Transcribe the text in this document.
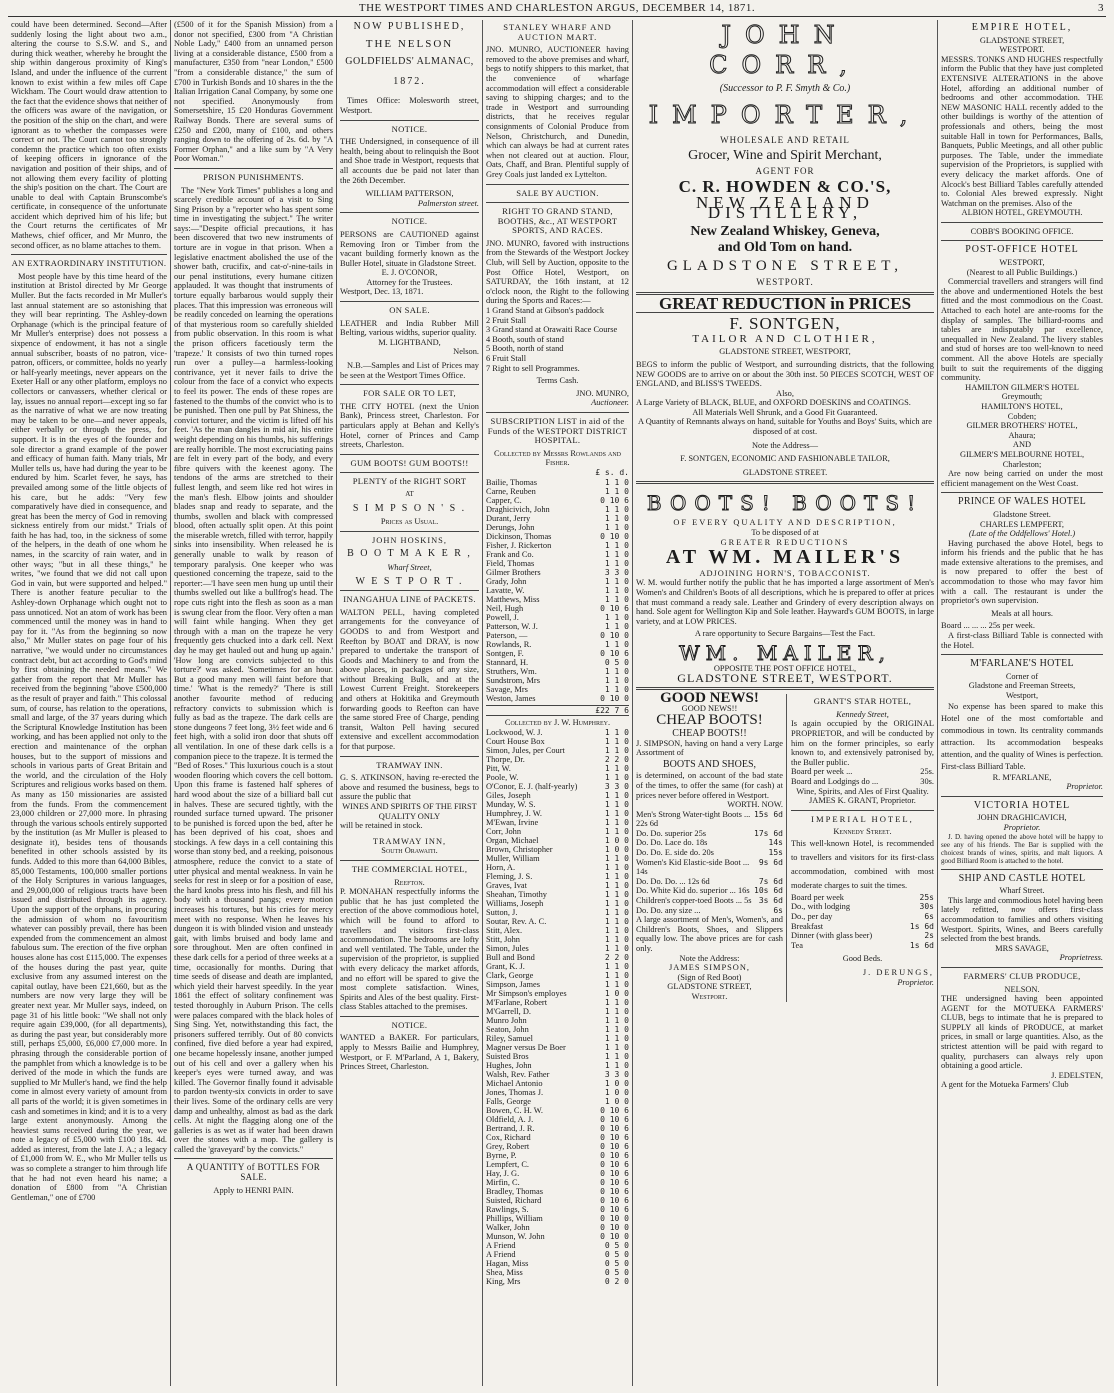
THE WESTPORT TIMES AND CHARLESTON ARGUS, DECEMBER 14, 1871.	3

could have been determined. Second—After suddenly losing the light about two a.m., altering the course to S.S.W. and S., and during thick weather, whereby he brought the ship within dangerous proximity of King's Island, and under the influence of the current known to exist within a few miles off Cape Wickham. The Court would draw attention to the fact that the evidence shows that neither of the officers was aware of the navigation, or the position of the ship on the chart, and were ignorant as to whether the compasses were correct or not. The Court cannot too strongly condemn the practice which too often exists of keeping officers in ignorance of the navigation and position of their ships, and of not allowing them every facility of plotting the ship's position on the chart. The Court are unable to deal with Captain Brunscombe's certificate, in consequence of the unfortunate accident which deprived him of his life; but the Court returns the certificates of Mr Mathews, chief officer, and Mr Munro, the second officer, as no blame attaches to them.

AN EXTRAORDINARY INSTITUTION.

Most people have by this time heard of the institution at Bristol directed by Mr George Muller. But the facts recorded in Mr Muller's last annual statement are so astonishing that they will bear reprinting. The Ashley-down Orphanage (which is the principal feature of Mr Muller's enterprise) does not possess a sixpence of endowment, it has not a single annual subscriber, boasts of no patron, vice-patron, officers, or committee, holds no yearly or half-yearly meetings, never appears on the Exeter Hall or any other platform, employs no collectors or canvassers, whether clerical or lay, issues no annual report—except ing so far as the narrative of what we are now treating may be taken to be one—and never appeals, either verbally or through the press, for support. It is in the eyes of the founder and sole director a grand example of the power and efficacy of human faith. Many trials, Mr Muller tells us, have had during the year to be endured by him. Scarlet fever, he says, has prevailed among some of the little objects of his care, but he adds: "Very few comparatively have died in consequence, and great has been the mercy of God in removing sickness entirely from our midst." Trials of faith he has had, too, in the sickness of some of the helpers, in the death of one whom he names, in the scarcity of rain water, and in other ways; "but in all these things," he writes, "we found that we did not call upon God in vain, but were supported and helped." There is another feature peculiar to the Ashley-down Orphanage which ought not to pass unnoticed. Not an atom of work has been commenced until the money was in hand to pay for it. "As from the beginning so now also," Mr Muller states on page four of his narrative, "we would under no circumstances contract debt, but act according to God's mind by first obtaining the needed means." We gather from the report that Mr Muller has received from the beginning "above £500,000 as the result of prayer and faith." This colossal sum, of course, has relation to the operations, small and large, of the 37 years during which the Scriptural Knowledge Institution has been working, and has been applied not only to the erection and maintenance of the orphan houses, but to the support of missions and schools in various parts of Great Britain and the world, and the circulation of the Holy Scriptures and religious works based on them. As many as 150 missionaries are assisted from the funds. From the commencement 23,000 children or 27,000 more. In phrasing through the various schools entirely supported by the institution (as Mr Muller is pleased to designate it), besides tens of thousands benefited in other schools assisted by its funds. Added to this more than 64,000 Bibles, 85,000 Testaments, 100,000 smaller portions of the Holy Scriptures in various languages, and 29,000,000 of religious tracts have been issued and distributed through its agency. Upon the support of the orphans, in procuring the admission of whom no favouritism whatever can possibly prevail, there has been expended from the commencement an almost fabulous sum. The erection of the five orphan houses alone has cost £115,000. The expenses of the houses during the past year, quite exclusive from any assumed interest on the capital outlay, have been £21,660, but as the numbers are now very large they will be greater next year. Mr Muller says, indeed, on page 31 of his little book: "We shall not only require again £39,000, (for all departments), as during the past year, but considerably more still, perhaps £5,000, £6,000 £7,000 more. In phrasing through the considerable portion of the pamphlet from which a knowledge is to be derived of the mode in which the funds are supplied to Mr Muller's hand, we find the help come in almost every variety of amount from all parts of the world; it is given sometimes in cash and sometimes in kind; and it is to a very large extent anonymously. Among the heaviest sums received during the year, we note a legacy of £5,000 with £100 18s. 4d. added as interest, from the late J. A.; a legacy of £1,000 from W. E., who Mr Muller tells us was so complete a stranger to him through life that he had not even heard his name; a donation of £800 from "A Christian Gentleman," one of £700

(£500 of it for the Spanish Mission) from a donor not specified, £300 from "A Christian Noble Lady," £400 from an unnamed person living at a considerable distance, £500 from a manufacturer, £350 from "near London," £500 "from a considerable distance," the sum of £700 in Turkish Bonds and 10 shares in the the Italian Irrigation Canal Company, by some one not specified. Anonymously from Somersetshire, 15 £20 Honduras Government Railway Bonds. There are several sums of £250 and £200, many of £100, and others ranging down to the offering of 2s. 6d. by "A Former Orphan," and a like sum by "A Very Poor Woman."

PRISON PUNISHMENTS.

The "New York Times" publishes a long and scarcely credible account of a visit to Sing Sing Prison by a "reporter who has spent some time in investigating the subject." The writer says:—"Despite official precautions, it has been discovered that two new instruments of torture are in vogue in that prison. When a legislative enactment abolished the use of the shower bath, crucifix, and cat-o'-nine-tails in our penal institutions, every humane citizen applauded. It was thought that instruments of torture equally barbarous would supply their places. That this impression was erroneous will be readily conceded on learning the operations of that mysterious room so carefully shielded from public observation. In this room is what the prison officers facetiously term the 'trapeze.' It consists of two thin turned ropes run over a pulley—a harmless-looking contrivance, yet it never fails to drive the colour from the face of a convict who expects to feel its power. The ends of these ropes are fastened to the thumbs of the convict who is to be punished. Then one pull by Pat Shiness, the convict torturer, and the victim is lifted off his feet. 'As the man dangles in mid air, his entire weight depending on his thumbs, his sufferings are really horrible. The most excruciating pains are felt in every part of the body, and every fibre quivers with the keenest agony. The tendons of the arms are stretched to their fullest length, and seem like red hot wires in the man's flesh. Elbow joints and shoulder blades snap and ready to separate, and the thumbs, swollen and black with compressed blood, often actually split open. At this point the miserable wretch, filled with terror, happily sinks into insensibility. When released he is generally unable to walk by reason of temporary paralysis. One keeper who was questioned concerning the trapeze, said to the reporter:—'I have seen men hung up until their thumbs swelled out like a bullfrog's head. The rope cuts right into the flesh as soon as a man is swung clear from the floor. Very often a man will faint while hanging. When they get through with a man on the trapeze he very frequently gets chucked into a dark cell. Next day he may get hauled out and hung up again.' 'How long are convicts subjected to this torture?' was asked. 'Sometimes for an hour. But a good many men will faint before that time.' 'What is the remedy?' 'There is still another favourite method of reducing refractory convicts to submission which is fully as bad as the trapeze. The dark cells are stone dungeons 7 feet long, 3½ feet wide and 6 feet high, with a solid iron door that shuts off all ventilation. In one of these dark cells is a companion piece to the trapeze. It is termed the "Bed of Roses." This luxurious couch is a stout wooden flooring which covers the cell bottom. Upon this frame is fastened half spheres of hard wood about the size of a billiard ball cut in halves. These are secured tightly, with the rounded surface turned upward. The prisoner to be punished is forced upon the bed, after he has been deprived of his coat, shoes and stockings. A few days in a cell containing this worse than stony bed, and a reeking, poisonous atmosphere, reduce the convict to a state of utter physical and mental weakness. In vain he seeks for rest in sleep or for a position of ease, the hard knobs press into his flesh, and fill his body with a thousand pangs; every motion increases his tortures, but his cries for mercy meet with no response. When he leaves his dungeon it is with blinded vision and unsteady gait, with limbs bruised and body lame and sore throughout. Men are often confined in these dark cells for a period of three weeks at a time, occasionally for months. During that time seeds of disease and death are implanted, which yield their harvest speedily. In the year 1861 the effect of solitary confinement was tested thoroughly in Auburn Prison. The cells were palaces compared with the black holes of Sing Sing. Yet, notwithstanding this fact, the prisoners suffered terribly. Out of 80 convicts confined, five died before a year had expired, one became hopelessly insane, another jumped out of his cell and over a gallery when his keeper's eyes were turned away, and was killed. The Governor finally found it advisable to pardon twenty-six convicts in order to save their lives. Some of the ordinary cells are very damp and unhealthy, almost as bad as the dark cells. At night the flagging along one of the galleries is as wet as if water had been drawn over the stones with a mop. The gallery is called the 'graveyard' by the convicts."

A QUANTITY of BOTTLES FOR SALE.
Apply to HENRI PAIN.
NOW PUBLISHED,
THE NELSON
GOLDFIELDS' ALMANAC,
1872.

Times Office: Molesworth street, Westport.

NOTICE.

THE Undersigned, in consequence of ill health, being about to relinquish the Boot and Shoe trade in Westport, requests that all accounts due be paid not later than the 26th December.

WILLIAM PATTERSON,
Palmerston street.
NOTICE.

PERSONS are CAUTIONED against Removing Iron or Timber from the vacant building formerly known as the Buller Hotel, situate in Gladstone Street.

E. J. O'CONOR,
Attorney for the Trustees.
Westport, Dec. 13, 1871.
ON SALE.

LEATHER and India Rubber Mill Belting, various widths, superior quality.

M. LIGHTBAND,
Nelson.

N.B.—Samples and List of Prices may be seen at the Westport Times Office.

FOR SALE OR TO LET,

THE CITY HOTEL (next the Union Bank), Princess street, Charleston. For particulars apply at Behan and Kelly's Hotel, corner of Princes and Camp streets, Charleston.

GUM BOOTS! GUM BOOTS!!
PLENTY of the RIGHT SORT
AT
S I M P S O N ' S .
Prices as Usual.
JOHN HOSKINS,
B O O T M A K E R ,
Wharf Street,
W E S T P O R T .
INANGAHUA LINE of PACKETS.

WALTON PELL, having completed arrangements for the conveyance of GOODS to and from Westport and Reefton by BOAT and DRAY, is now prepared to undertake the transport of Goods and Machinery to and from the above places, in packages of any size, without Breaking Bulk, and at the Lowest Current Freight. Storekeepers and others at Hokitika and Greymouth forwarding goods to Reefton can have the same stored Free of Charge, pending transit, Walton Pell having secured extensive and excellent accommodation for that purpose.

TRAMWAY INN.

G. S. ATKINSON, having re-erected the above and resumed the business, begs to assure the public that

WINES AND SPIRITS OF THE FIRST QUALITY ONLY
will be retained in stock.
TRAMWAY INN,
South Orawaiti.
THE COMMERCIAL HOTEL,
Reefton.

P. MONAHAN respectfully informs the public that he has just completed the erection of the above commodious hotel, which will be found to afford to travellers and visitors first-class accommodation. The bedrooms are lofty and well ventilated. The Table, under the supervision of the proprietor, is supplied with every delicacy the market affords, and no effort will be spared to give the most complete satisfaction. Wines, Spirits and Ales of the best quality. First-class Stables attached to the premises.

NOTICE.

WANTED a BAKER. For particulars, apply to Messrs Bailie and Humphrey, Westport, or F. M'Parland, A 1, Bakery, Princes Street, Charleston.

STANLEY WHARF AND AUCTION MART.

JNO. MUNRO, AUCTIONEER having removed to the above premises and wharf, begs to notify shippers to this market, that the convenience of wharfage accommodation will effect a considerable saving to shipping charges; and to the trade in Westport and surrounding districts, that he receives regular consignments of Colonial Produce from Nelson, Christchurch, and Dunedin, which can always be had at current rates when not cleared out at auction. Flour, Oats, Chaff, and Bran. Plentiful supply of Grey Coals just landed ex Lyttelton.

SALE BY AUCTION.
RIGHT TO GRAND STAND, BOOTHS, &c., AT WESTPORT SPORTS, AND RACES.

JNO. MUNRO, favored with instructions from the Stewards of the Westport Jockey Club, will Sell by Auction, opposite to the Post Office Hotel, Westport, on SATURDAY, the 16th instant, at 12 o'clock noon, the Right to the following during the Sports and Races:—

1 Grand Stand at Gibson's paddock
2 Fruit Stall
3 Grand stand at Orawaiti Race Course
4 Booth, south of stand
5 Booth, north of stand
6 Fruit Stall
7 Right to sell Programmes.
Terms Cash.
JNO. MUNRO,
Auctioneer.
SUBSCRIPTION LIST in aid of the Funds of the WESTPORT DISTRICT HOSPITAL.
Collected by Messrs Rowlands and Fisher.
£ s. d.
Bailie, Thomas	1 1 0
Carne, Reuben	1 1 0
Capper, C.	0 10 6
Draghicivich, John	1 1 0
Durant, Jerry	1 1 0
Derungs, John	1 1 0
Dickinson, Thomas	0 10 0
Fisher, J. Rickerton	1 1 0
Frank and Co.	1 1 0
Field, Thomas	1 1 0
Gilmer Brothers	3 3 0
Grady, John	1 1 0
Lavatte, W.	1 1 0
Matthews, Miss	1 1 0
Neil, Hugh	0 10 6
Powell, J.	1 1 0
Patterson, W. J.	1 1 0
Paterson, —	0 10 0
Rowlands, R.	1 1 0
Sontgen, F.	0 10 6
Stannard, H.	0 5 0
Struthers, Wm.	1 1 0
Sundstrom, Mrs	1 1 0
Savage, Mrs	1 1 0
Weston, James	0 10 0
£22 7 6
Collected by J. W. Humphrey.
Lockwood, W. J.	1 1 0
Court House Box	1 1 0
Simon, Jules, per Court	1 1 0
Thorpe, Dr.	2 2 0
Pitt, W.	1 1 0
Poole, W.	1 1 0
O'Conor, E. J. (half-yearly)	3 3 0
Giles, Joseph	1 1 0
Munday, W. S.	1 1 0
Humphrey, J. W.	1 1 0
M'Ewan, Irvine	1 1 0
Corr, John	1 1 0
Organ, Michael	1 0 0
Brown, Christopher	1 0 0
Muller, William	1 1 0
Horn, A.	1 1 0
Fleming, J. S.	1 1 0
Graves, Ivat	1 1 0
Sheahan, Timothy	1 1 0
Williams, Joseph	1 1 0
Sutton, J.	1 1 0
Soutar, Rev. A. C.	1 1 0
Stitt, Alex.	1 1 0
Stitt, John	1 1 0
Simon, Jules	1 1 0
Bull and Bond	2 2 0
Grant, K. J.	1 1 0
Clark, George	1 1 0
Simpson, James	1 1 0
Mr Simpson's employes	1 0 0
M'Farlane, Robert	1 1 0
M'Garrell, D.	1 1 0
Munro John	1 1 0
Seaton, John	1 1 0
Riley, Samuel	1 1 0
Magner versus De Boer	1 1 0
Suisted Bros	1 1 0
Hughes, John	1 1 0
Walsh, Rev. Father	3 3 0
Michael Antonio	1 0 0
Jones, Thomas J.	1 0 0
Falls, George	1 0 0
Bowen, C. H. W.	0 10 6
Oldfield, A. J.	0 10 6
Bertrand, J. R.	0 10 6
Cox, Richard	0 10 6
Grey, Robert	0 10 6
Byrne, P.	0 10 6
Lempfert, C.	0 10 6
Hay, J. G.	0 10 6
Mirfin, C.	0 10 6
Bradley, Thomas	0 10 6
Suisted, Richard	0 10 6
Rawlings, S.	0 10 6
Phillips, William	0 10 0
Walker, John	0 10 0
Munson, W. John	0 10 0
A Friend	0 5 0
A Friend	0 5 0
Hagan, Miss	0 5 0
Shea, Miss	0 5 0
King, Mrs	0 2 0
JOHN CORR,
(Successor to P. F. Smyth & Co.)
IMPORTER,
WHOLESALE AND RETAIL
Grocer, Wine and Spirit Merchant,
AGENT FOR
C. R. HOWDEN & CO.'S,
NEW ZEALAND DISTILLERY,
New Zealand Whiskey, Geneva,
and Old Tom on hand.
GLADSTONE STREET,
WESTPORT.
GREAT REDUCTION in PRICES
F. SONTGEN,
TAILOR AND CLOTHIER,
GLADSTONE STREET, WESTPORT,

BEGS to inform the public of Westport, and surrounding districts, that the following NEW GOODS are to arrive on or about the 30th inst. 50 PIECES SCOTCH, WEST OF ENGLAND, and BLISS'S TWEEDS.

Also,

A Large Variety of BLACK, BLUE, and OXFORD DOESKINS and COATINGS.

All Materials Well Shrunk, and a Good Fit Guaranteed.
A Quantity of Remnants always on hand, suitable for Youths and Boys' Suits, which are disposed of at cost.
Note the Address—
F. SONTGEN, ECONOMIC AND FASHIONABLE TAILOR,
GLADSTONE STREET.
BOOTS! BOOTS!
OF EVERY QUALITY AND DESCRIPTION,
To be disposed of at
GREATER REDUCTIONS
AT WM. MAILER'S
ADJOINING HORN'S, TOBACCONIST.

W. M. would further notify the public that he has imported a large assortment of Men's Women's and Children's Boots of all descriptions, which he is prepared to offer at prices that must command a ready sale. Leather and Grindery of every description always on hand. Sole agent for Wellington Kip and Sole leather. Hayward's GUM BOOTS, in large variety, and at LOW PRICES.

A rare opportunity to Secure Bargains—Test the Fact.
WM. MAILER,
OPPOSITE THE POST OFFICE HOTEL,
GLADSTONE STREET, WESTPORT.
GOOD NEWS!
GOOD NEWS!!
CHEAP BOOTS!
CHEAP BOOTS!!

J. SIMPSON, having on hand a very Large Assortment of

BOOTS AND SHOES,

is determined, on account of the bad state of the times, to offer the same (for cash) at prices never before offered in Westport.

WORTH. NOW.
Men's Strong Water-tight Boots ... 22s 6d
15s 6d
Do. Do. superior 25s	17s 6d
Do. Do. Lace do. 18s	14s
Do. Do. E. side do. 20s	15s
Women's Kid Elastic-side Boot ... 14s
9s 6d
Do. Do. Do. ... 12s 6d	7s 6d
Do. White Kid do. superior ... 16s 10s 6d
Children's copper-toed Boots ... 5s 3s 6d
Do. Do. any size ...	6s

A large assortment of Men's, Women's, and Children's Boots, Shoes, and Slippers equally low. The above prices are for cash only.

Note the Address:
JAMES SIMPSON,
(Sign of Red Boot)
GLADSTONE STREET,
Westport.
GRANT'S STAR HOTEL,
Kennedy Street,

Is again occupied by the ORIGINAL PROPRIETOR, and will be conducted by him on the former principles, so early known to, and extensively patronised by, the Buller public.

Board per week ...	25s.
Board and Lodgings do ...	30s.
Wine, Spirits, and Ales of First Quality.
JAMES K. GRANT, Proprietor.
IMPERIAL HOTEL,
Kennedy Street.

This well-known Hotel, is recommended to travellers and visitors for its first-class accommodation, combined with most moderate charges to suit the times.

Board per week	25s
Do., with lodging	30s
Do., per day	6s
Breakfast	1s 6d
Dinner (with glass beer)	2s
Tea	1s 6d
Good Beds.
J. DERUNGS,
Proprietor.
EMPIRE HOTEL,
GLADSTONE STREET,
WESTPORT.

MESSRS. TONKS AND HUGHES respectfully inform the Public that they have just completed EXTENSIVE ALTERATIONS in the above Hotel, affording an additional number of bedrooms and other accommodation. THE NEW MASONIC HALL recently added to the other buildings is worthy of the attention of professionals and others, being the most suitable Hall in town for Performances, Balls, Banquets, Public Meetings, and all other public purposes. The Table, under the immediate supervision of the Proprietors, is supplied with every delicacy the market affords. One of Alcock's best Billiard Tables carefully attended to. Colonial Ales brewed expressly. Night Watchman on the premises. Also of the

ALBION HOTEL, GREYMOUTH.
COBB'S BOOKING OFFICE.
POST-OFFICE HOTEL
WESTPORT,
(Nearest to all Public Buildings.)

Commercial travellers and strangers will find the above and undermentioned Hotels the best fitted and the most commodious on the Coast. Attached to each hotel are ante-rooms for the display of samples. The billiard-rooms and tables are indisputably par excellence, unequalled in New Zealand. The livery stables and stud of horses are too well-known to need comment. All the above Hotels are specially built to suit the requirements of the digging community.

HAMILTON GILMER'S HOTEL
Greymouth;
HAMILTON'S HOTEL,
Cobden;
GILMER BROTHERS' HOTEL,
Ahaura;
AND
GILMER'S MELBOURNE HOTEL,
Charleston;

Are now being carried on under the most efficient management on the West Coast.

PRINCE OF WALES HOTEL
Gladstone Street.
CHARLES LEMPFERT,
(Late of the Oddfellows' Hotel.)

Having purchased the above Hotel, begs to inform his friends and the public that he has made extensive alterations to the premises, and is now prepared to offer the best of accommodation to those who may favor him with a call. The restaurant is under the proprietor's own supervision.

Meals at all hours.
Board ... ... ... 25s per week.

A first-class Billiard Table is connected with the Hotel.

M'FARLANE'S HOTEL
Corner of
Gladstone and Freeman Streets,
Westport,

No expense has been spared to make this Hotel one of the most comfortable and commodious in town. Its centrality commands attraction. Its accommodation bespeaks attention, and the quality of Wines is perfection. First-class Billiard Table.

R. M'FARLANE,
Proprietor.
VICTORIA HOTEL
JOHN DRAGHICAVICH,
Proprietor.

J. D. having opened the above hotel will be happy to see any of his friends. The Bar is supplied with the choicest brands of wines, spirits, and malt liquors. A good Billiard Room is attached to the hotel.

SHIP AND CASTLE HOTEL
Wharf Street.

This large and commodious hotel having been lately refitted, now offers first-class accommodation to families and others visiting Westport. Spirits, Wines, and Beers carefully selected from the best brands.

MRS SAVAGE,
Proprietress.
FARMERS' CLUB PRODUCE,
NELSON.

THE undersigned having been appointed AGENT for the MOTUEKA FARMERS' CLUB, begs to intimate that he is prepared to SUPPLY all kinds of PRODUCE, at market prices, in small or large quantities. Also, as the strictest attention will be paid with regard to quality, purchasers can always rely upon obtaining a good article.

J. EDELSTEN,
A gent for the Motueka Farmers' Club
